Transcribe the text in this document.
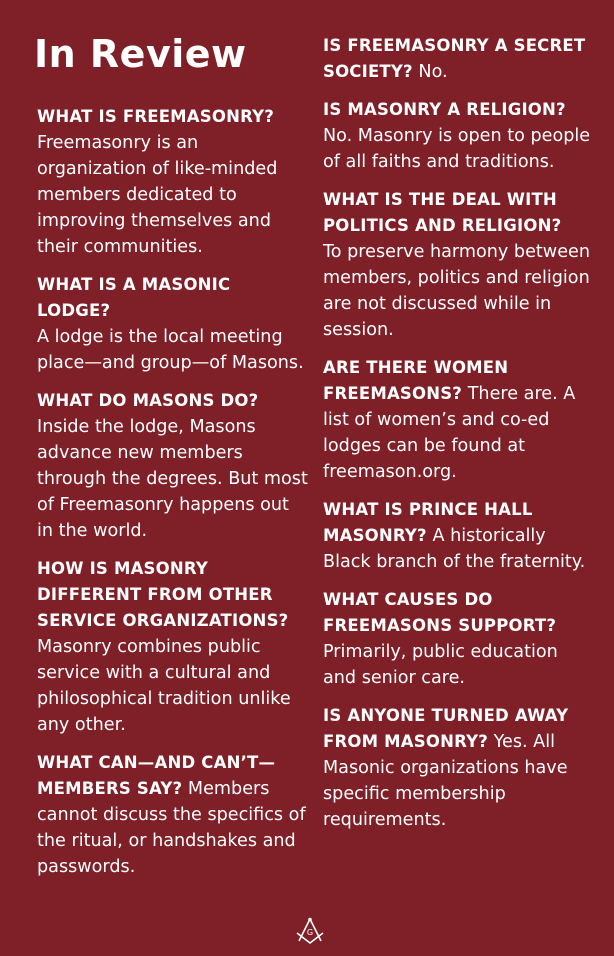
In Review
WHAT IS FREEMASONRY?
Freemasonry is an organization of like-minded members dedicated to improving themselves and their communities.
WHAT IS A MASONIC LODGE?
A lodge is the local meeting place—and group—of Masons.
WHAT DO MASONS DO?
Inside the lodge, Masons advance new members through the degrees. But most of Freemasonry happens out in the world.
HOW IS MASONRY DIFFERENT FROM OTHER SERVICE ORGANIZATIONS?
Masonry combines public service with a cultural and philosophical tradition unlike any other.
WHAT CAN—AND CAN’T— MEMBERS SAY? Members cannot discuss the specifics of the ritual, or handshakes and passwords.
IS FREEMASONRY A SECRET SOCIETY? No.
IS MASONRY A RELIGION?
No. Masonry is open to people of all faiths and traditions.
WHAT IS THE DEAL WITH POLITICS AND RELIGION?
To preserve harmony between members, politics and religion are not discussed while in session.
ARE THERE WOMEN FREEMASONS? There are. A list of women’s and co-ed lodges can be found at freemason.org.
WHAT IS PRINCE HALL MASONRY? A historically Black branch of the fraternity.
WHAT CAUSES DO FREEMASONS SUPPORT?
Primarily, public education and senior care.
IS ANYONE TURNED AWAY FROM MASONRY? Yes. All Masonic organizations have specific membership requirements.
G
